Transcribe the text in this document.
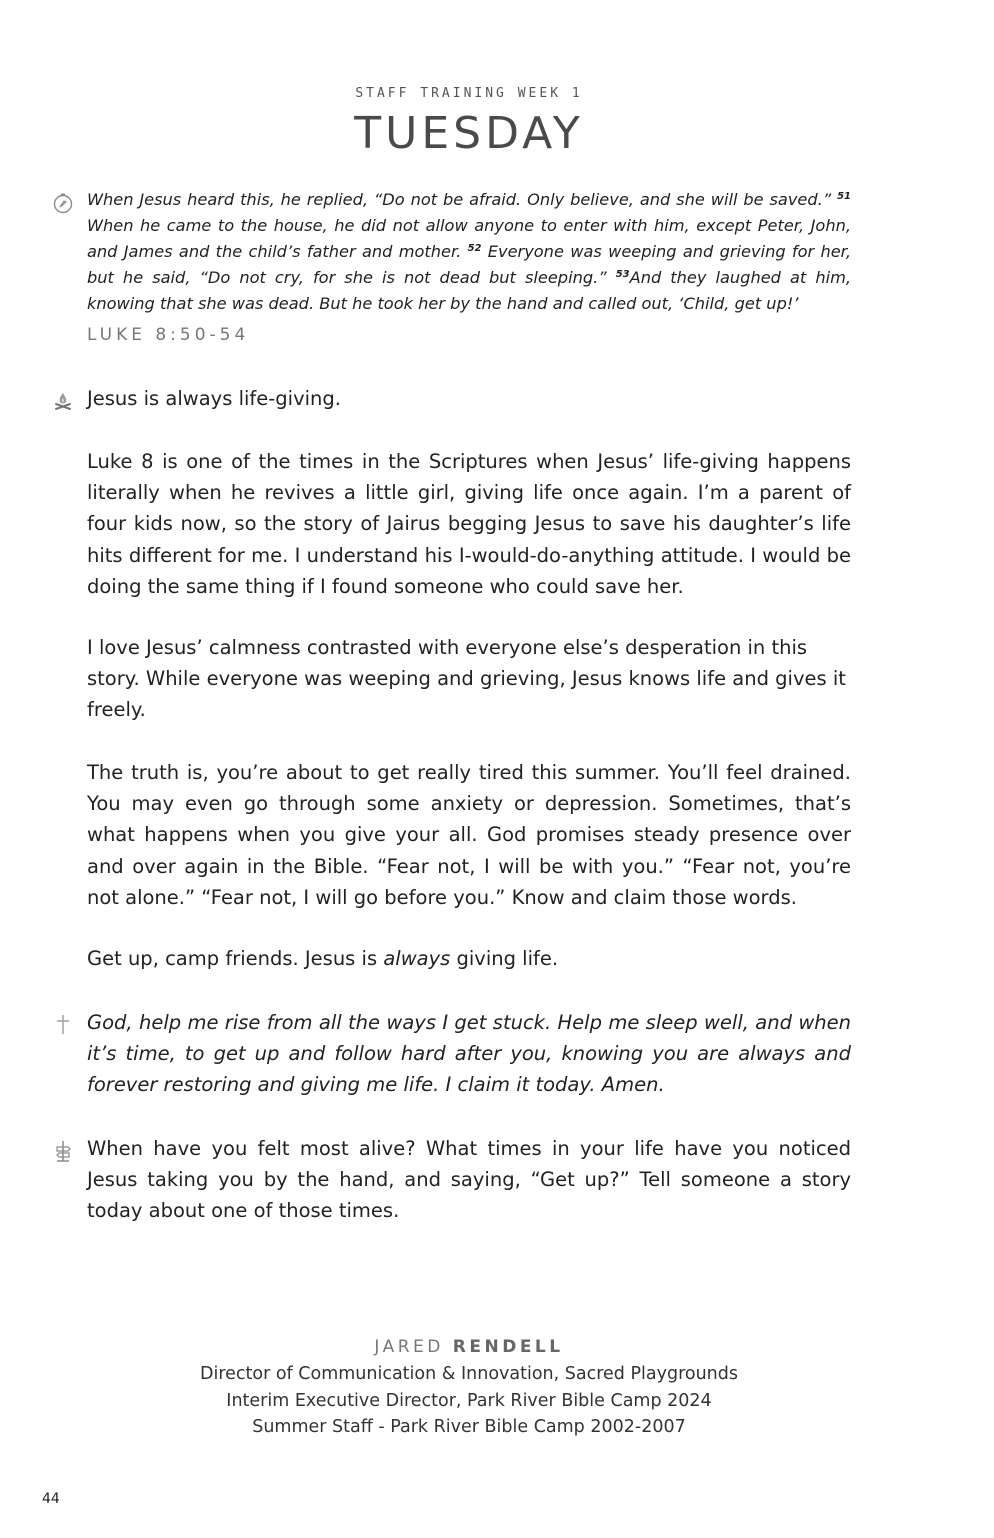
STAFF TRAINING WEEK 1
TUESDAY
When Jesus heard this, he replied, “Do not be afraid. Only believe, and she will be saved.” $^{51}$ When he came to the house, he did not allow anyone to enter with him, except Peter, John, and James and the child’s father and mother. $^{52}$ Everyone was weeping and grieving for her, but he said, “Do not cry, for she is not dead but sleeping.” $^{53}$And they laughed at him, knowing that she was dead. But he took her by the hand and called out, ‘Child, get up!’
LUKE 8:50-54
Jesus is always life-giving.
Luke 8 is one of the times in the Scriptures when Jesus’ life-giving happens literally when he revives a little girl, giving life once again. I’m a parent of four kids now, so the story of Jairus begging Jesus to save his daughter’s life hits different for me. I understand his I-would-do-anything attitude. I would be doing the same thing if I found someone who could save her.
I love Jesus’ calmness contrasted with everyone else’s desperation in this story. While everyone was weeping and grieving, Jesus knows life and gives it freely.
The truth is, you’re about to get really tired this summer. You’ll feel drained. You may even go through some anxiety or depression. Sometimes, that’s what happens when you give your all. God promises steady presence over and over again in the Bible. “Fear not, I will be with you.” “Fear not, you’re not alone.” “Fear not, I will go before you.” Know and claim those words.
Get up, camp friends. Jesus is always giving life.
God, help me rise from all the ways I get stuck. Help me sleep well, and when it’s time, to get up and follow hard after you, knowing you are always and forever restoring and giving me life. I claim it today. Amen.
When have you felt most alive? What times in your life have you noticed Jesus taking you by the hand, and saying, “Get up?” Tell someone a story today about one of those times.
JARED RENDELL
Director of Communication & Innovation, Sacred Playgrounds
Interim Executive Director, Park River Bible Camp 2024
Summer Staff - Park River Bible Camp 2002-2007
44
